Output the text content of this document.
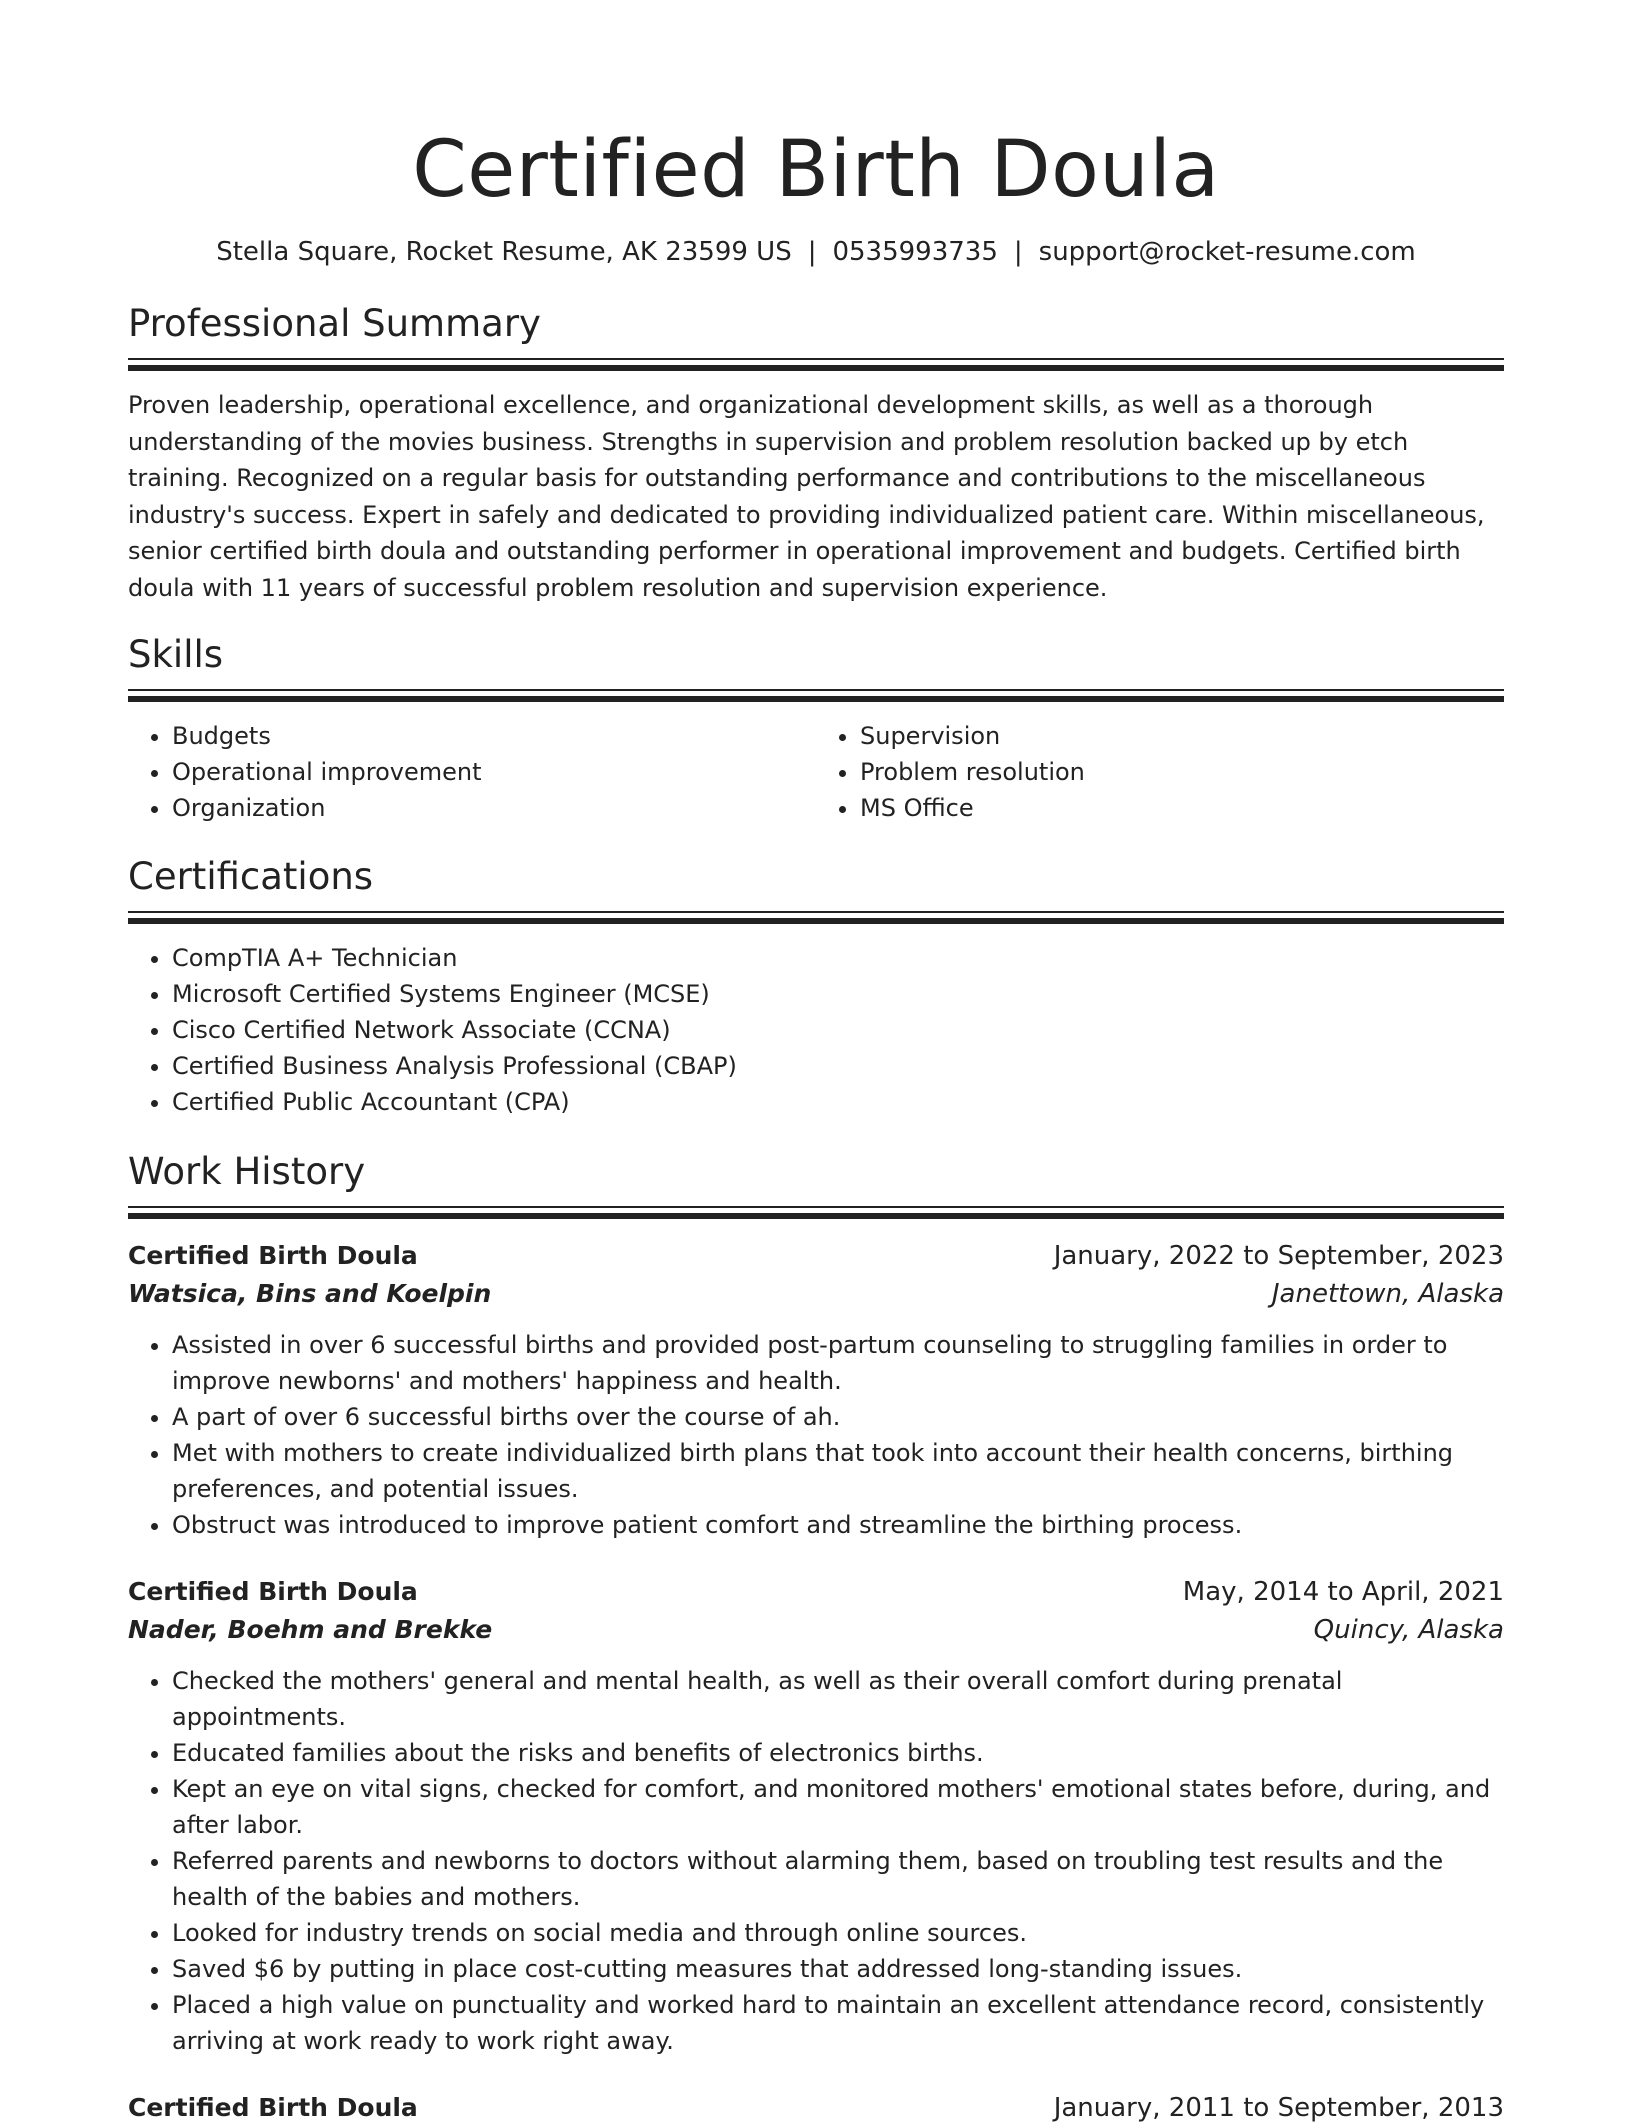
Certified Birth Doula
Stella Square, Rocket Resume, AK 23599 US | 0535993735 | support@rocket-resume.com
Professional Summary

Proven leadership, operational excellence, and organizational development skills, as well as a thorough understanding of the movies business. Strengths in supervision and problem resolution backed up by etch training. Recognized on a regular basis for outstanding performance and contributions to the miscellaneous industry's success. Expert in safely and dedicated to providing individualized patient care. Within miscellaneous, senior certified birth doula and outstanding performer in operational improvement and budgets. Certified birth doula with 11 years of successful problem resolution and supervision experience.

Skills
• Budgets
• Operational improvement
• Organization
• Supervision
• Problem resolution
• MS Office
Certifications
• CompTIA A+ Technician
• Microsoft Certified Systems Engineer (MCSE)
• Cisco Certified Network Associate (CCNA)
• Certified Business Analysis Professional (CBAP)
• Certified Public Accountant (CPA)
Work History
Certified Birth Doula	January, 2022 to September, 2023
Watsica, Bins and Koelpin	Janettown, Alaska
• Assisted in over 6 successful births and provided post-partum counseling to struggling families in order to improve newborns' and mothers' happiness and health.
• A part of over 6 successful births over the course of ah.
• Met with mothers to create individualized birth plans that took into account their health concerns, birthing preferences, and potential issues.
• Obstruct was introduced to improve patient comfort and streamline the birthing process.
Certified Birth Doula	May, 2014 to April, 2021
Nader, Boehm and Brekke	Quincy, Alaska
• Checked the mothers' general and mental health, as well as their overall comfort during prenatal appointments.
• Educated families about the risks and benefits of electronics births.
• Kept an eye on vital signs, checked for comfort, and monitored mothers' emotional states before, during, and after labor.
• Referred parents and newborns to doctors without alarming them, based on troubling test results and the health of the babies and mothers.
• Looked for industry trends on social media and through online sources.
• Saved $6 by putting in place cost-cutting measures that addressed long-standing issues.
• Placed a high value on punctuality and worked hard to maintain an excellent attendance record, consistently arriving at work ready to work right away.
Certified Birth Doula	January, 2011 to September, 2013
